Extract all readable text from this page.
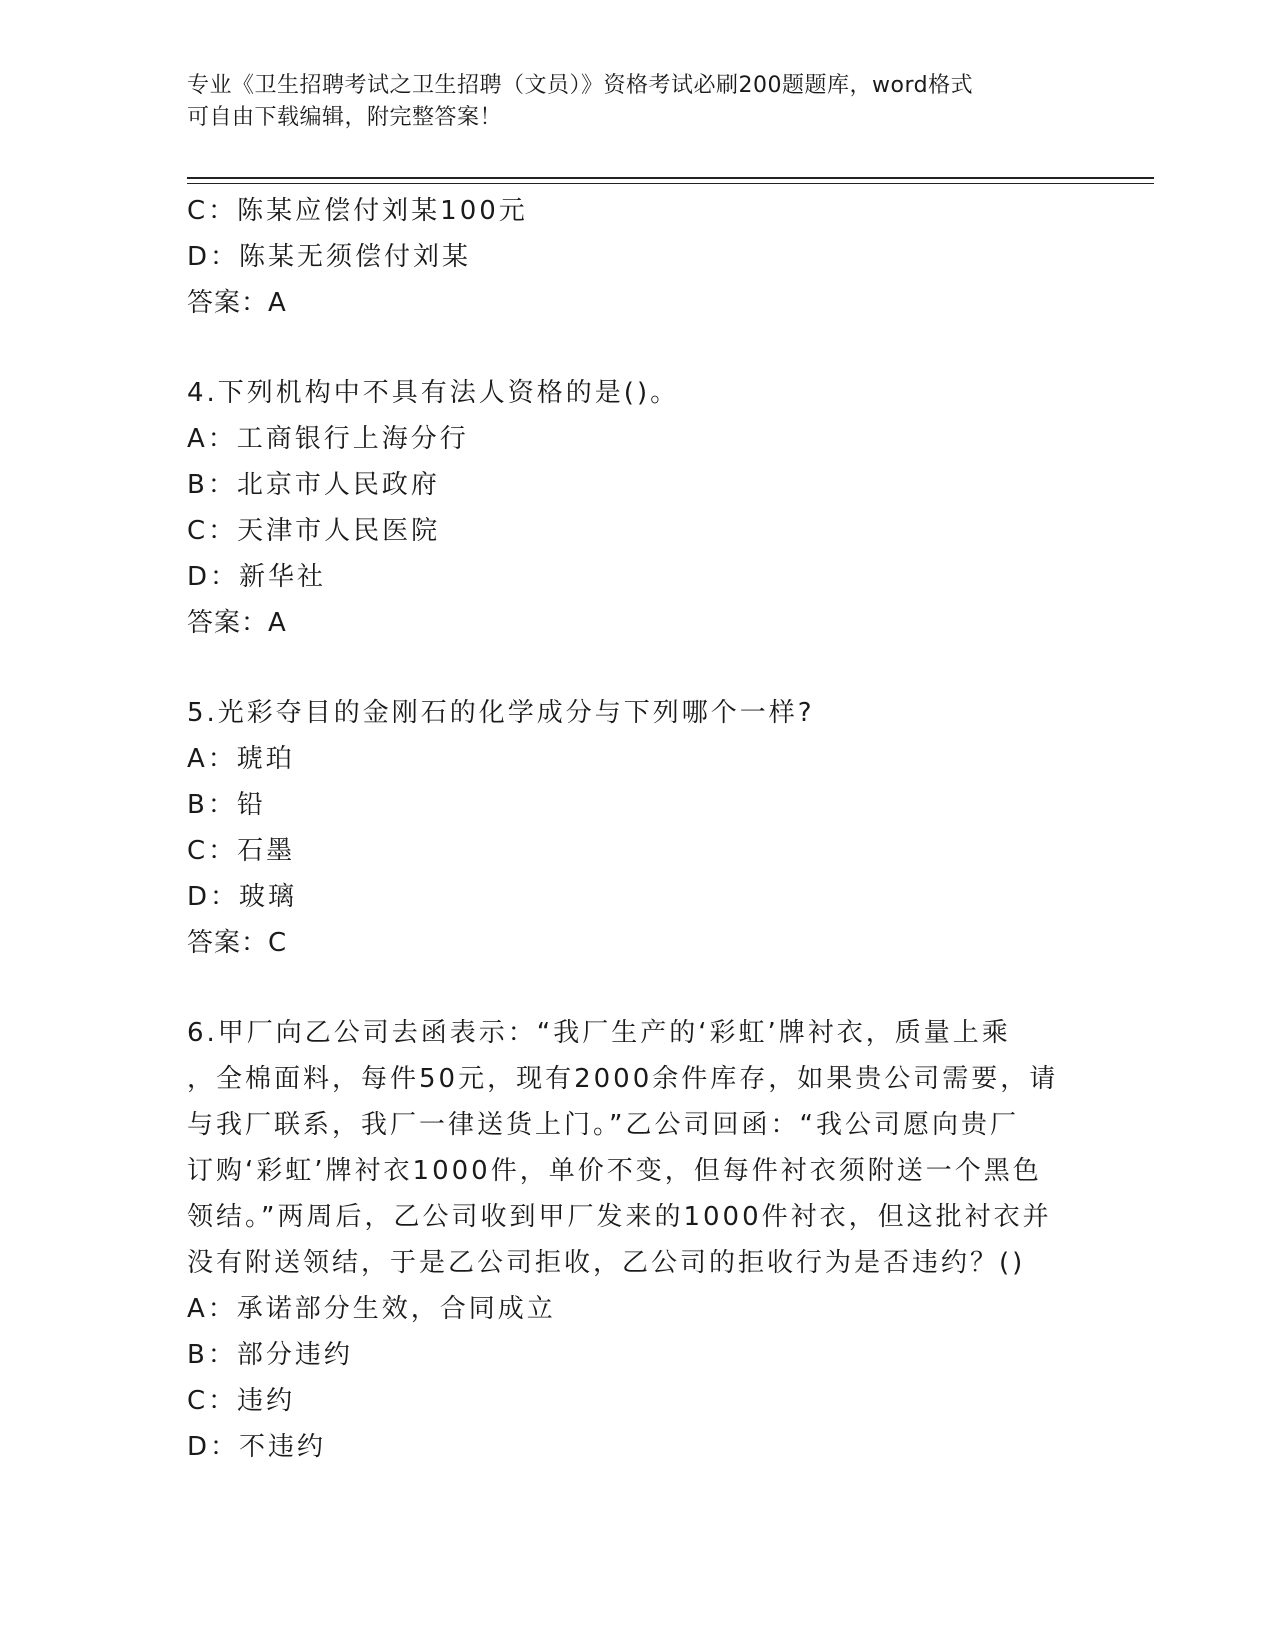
专业《卫生招聘考试之卫生招聘（文员）》资格考试必刷200题题库，word格式
可自由下载编辑，附完整答案！

C：陈某应偿付刘某100元

D：陈某无须偿付刘某

答案：A

4.下列机构中不具有法人资格的是()。

A：工商银行上海分行

B：北京市人民政府

C：天津市人民医院

D：新华社

答案：A

5.光彩夺目的金刚石的化学成分与下列哪个一样?

A：琥珀

B：铅

C：石墨

D：玻璃

答案：C

6.甲厂向乙公司去函表示：“我厂生产的‘彩虹’牌衬衣，质量上乘
，全棉面料，每件50元，现有2000余件库存，如果贵公司需要，请
与我厂联系，我厂一律送货上门。”乙公司回函：“我公司愿向贵厂
订购‘彩虹’牌衬衣1000件，单价不变，但每件衬衣须附送一个黑色
领结。”两周后，乙公司收到甲厂发来的1000件衬衣，但这批衬衣并
没有附送领结，于是乙公司拒收，乙公司的拒收行为是否违约？()

A：承诺部分生效，合同成立

B：部分违约

C：违约

D：不违约
